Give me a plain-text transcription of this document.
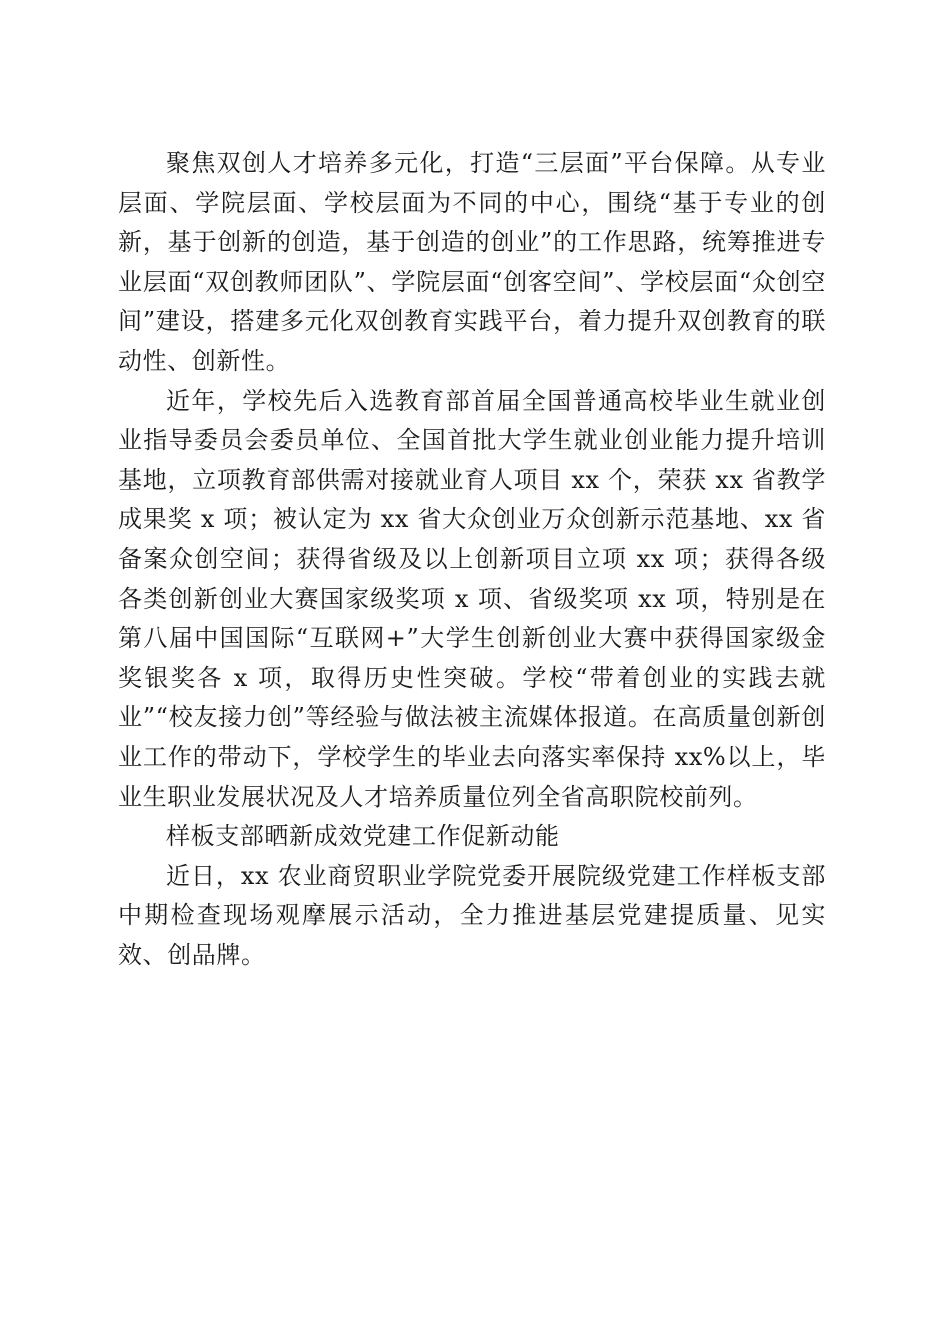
聚焦双创人才培养多元化，打造“三层面”平台保障。从专业层面、学院层面、学校层面为不同的中心，围绕“基于专业的创新，基于创新的创造，基于创造的创业”的工作思路，统筹推进专业层面“双创教师团队”、学院层面“创客空间”、学校层面“众创空间”建设，搭建多元化双创教育实践平台，着力提升双创教育的联动性、创新性。

近年，学校先后入选教育部首届全国普通高校毕业生就业创业指导委员会委员单位、全国首批大学生就业创业能力提升培训基地，立项教育部供需对接就业育人项目 xx 个，荣获 xx 省教学成果奖 x 项；被认定为 xx 省大众创业万众创新示范基地、xx 省备案众创空间；获得省级及以上创新项目立项 xx 项；获得各级各类创新创业大赛国家级奖项 x 项、省级奖项 xx 项，特别是在第八届中国国际“互联网+”大学生创新创业大赛中获得国家级金奖银奖各 x 项，取得历史性突破。学校“带着创业的实践去就业”“校友接力创”等经验与做法被主流媒体报道。在高质量创新创业工作的带动下，学校学生的毕业去向落实率保持 xx%以上，毕业生职业发展状况及人才培养质量位列全省高职院校前列。

样板支部晒新成效党建工作促新动能

近日，xx 农业商贸职业学院党委开展院级党建工作样板支部中期检查现场观摩展示活动，全力推进基层党建提质量、见实效、创品牌。
